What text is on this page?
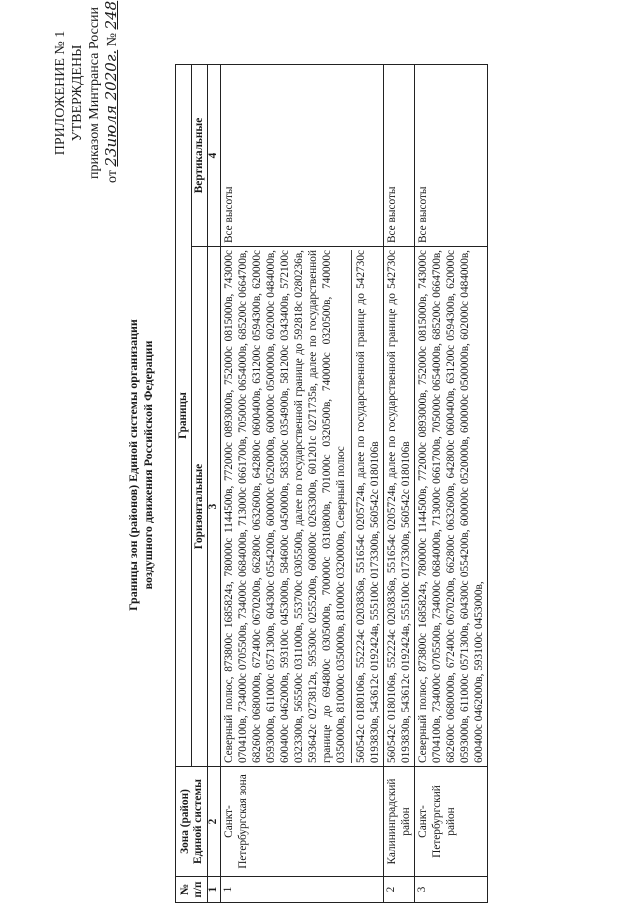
ПРИЛОЖЕНИЕ № 1 УТВЕРЖДЕНЫ приказом Минтранса России от 23июля 2020г. № 248
Границы зон (районов) Единой системы организации воздушного движения Российской Федерации
№ п/п	Зона (район) Единой системы	Границы	
		Горизонтальные	Вертикальные
1	2	3	4
1	Санкт-Петербургская зона	Северный полюс, 873800с 1685824з, 780000с 1144500в, 772000с 0893000в, 752000с 0815000в, 743000с 0704100в, 734000с 0705500в, 734000с 0684000в, 713000с 0661700в, 705000с 0654000в, 685200с 0664700в, 682600с 0680000в, 672400с 0670200в, 662800с 0632600в, 642800с 0600400в, 631200с 0594300в, 620000с 0593000в, 611000с 0571300в, 604300с 0554200в, 600000с 0520000в, 600000с 0500000в, 602000с 0484000в, 600400с 0462000в, 593100с 0453000в, 584600с 0450000в, 583500с 0354900в, 581200с 0343400в, 572100с 0323300в, 565500с 0311000в, 553700с 0305500в, далее по государственной границе до 592818с 0280236в, 593642с 0273812в, 595300с 0255200в, 600800с 0263300в, 601201с 0271735в, далее по государственной границе до 694800с 0305000в, 700000с 0310800в, 701000с 0320500в, 740000с 0320500в, 740000с 0350000в, 810000с 0350000в, 810000с 0320000в, Северный полюс 560542с 0180106в, 552224с 0203836в, 551654с 0205724в, далее по государственной границе до 542730с 0193830в, 543612с 0192424в, 555100с 0173300в, 560542с 0180106в	Все высоты
2	Калининградский район	560542с 0180106в, 552224с 0203836в, 551654с 0205724в, далее по государственной границе до 542730с 0193830в, 543612с 0192424в, 555100с 0173300в, 560542с 0180106в	Все высоты
3	Санкт-Петербургский район	Северный полюс, 873800с 1685824з, 780000с 1144500в, 772000с 0893000в, 752000с 0815000в, 743000с 0704100в, 734000с 0705500в, 734000с 0684000в, 713000с 0661700в, 705000с 0654000в, 685200с 0664700в, 682600с 0680000в, 672400с 0670200в, 662800с 0632600в, 642800с 0600400в, 631200с 0594300в, 620000с 0593000в, 611000с 0571300в, 604300с 0554200в, 600000с 0520000в, 600000с 0500000в, 602000с 0484000в, 600400с 0462000в, 593100с 0453000в,	Все высоты
